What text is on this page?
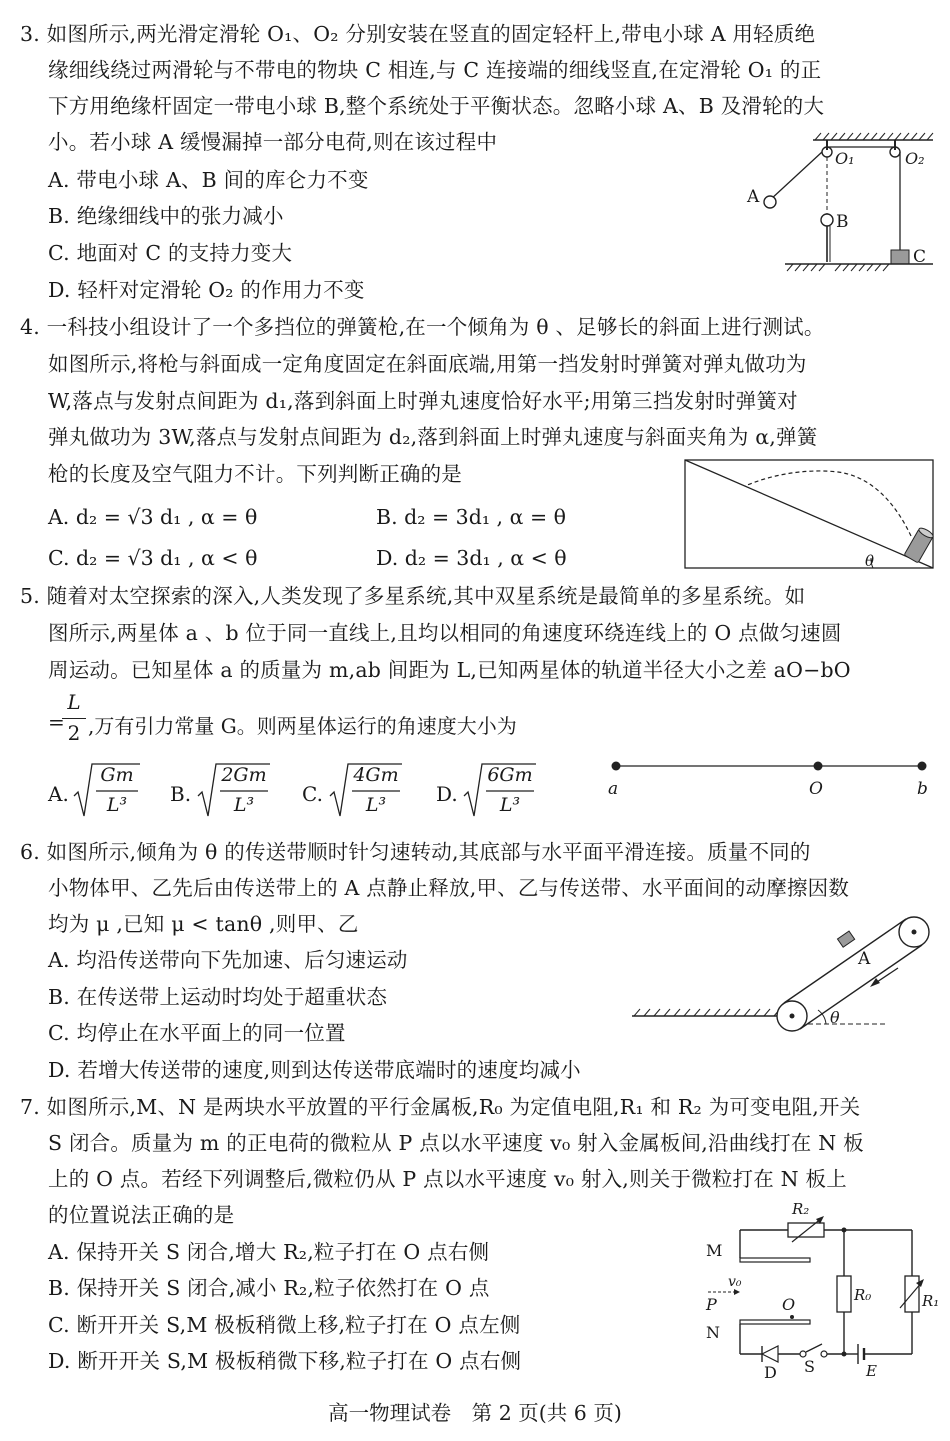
3. 如图所示,两光滑定滑轮 O₁、O₂ 分别安装在竖直的固定轻杆上,带电小球 A 用轻质绝
缘细线绕过两滑轮与不带电的物块 C 相连,与 C 连接端的细线竖直,在定滑轮 O₁ 的正
下方用绝缘杆固定一带电小球 B,整个系统处于平衡状态。忽略小球 A、B 及滑轮的大
小。若小球 A 缓慢漏掉一部分电荷,则在该过程中
A. 带电小球 A、B 间的库仑力不变
B. 绝缘细线中的张力减小
C. 地面对 C 的支持力变大
D. 轻杆对定滑轮 O₂ 的作用力不变
A
B
C
O₁	O₂
4. 一科技小组设计了一个多挡位的弹簧枪,在一个倾角为 θ 、足够长的斜面上进行测试。
如图所示,将枪与斜面成一定角度固定在斜面底端,用第一挡发射时弹簧对弹丸做功为
W,落点与发射点间距为 d₁,落到斜面上时弹丸速度恰好水平;用第三挡发射时弹簧对
弹丸做功为 3W,落点与发射点间距为 d₂,落到斜面上时弹丸速度与斜面夹角为 α,弹簧
枪的长度及空气阻力不计。下列判断正确的是
A. d₂ = √3 d₁ , α = θ	B. d₂ = 3d₁ , α = θ
C. d₂ = √3 d₁ , α < θ	D. d₂ = 3d₁ , α < θ	θ
5. 随着对太空探索的深入,人类发现了多星系统,其中双星系统是最简单的多星系统。如
图所示,两星体 a 、b 位于同一直线上,且均以相同的角速度环绕连线上的 O 点做匀速圆
周运动。已知星体 a 的质量为 m,ab 间距为 L,已知两星体的轨道半径大小之差 aO−bO
=
L
2 ,万有引力常量 G。则两星体运行的角速度大小为
A.
Gm
L³	B.
2Gm
L³	C.
4Gm
L³	D.
6Gm
L³
a	O	b
6. 如图所示,倾角为 θ 的传送带顺时针匀速转动,其底部与水平面平滑连接。质量不同的
小物体甲、乙先后由传送带上的 A 点静止释放,甲、乙与传送带、水平面间的动摩擦因数
均为 μ ,已知 μ < tanθ ,则甲、乙
A. 均沿传送带向下先加速、后匀速运动
B. 在传送带上运动时均处于超重状态
C. 均停止在水平面上的同一位置
D. 若增大传送带的速度,则到达传送带底端时的速度均减小
A
θ
7. 如图所示,M、N 是两块水平放置的平行金属板,R₀ 为定值电阻,R₁ 和 R₂ 为可变电阻,开关
S 闭合。质量为 m 的正电荷的微粒从 P 点以水平速度 v₀ 射入金属板间,沿曲线打在 N 板
上的 O 点。若经下列调整后,微粒仍从 P 点以水平速度 v₀ 射入,则关于微粒打在 N 板上
的位置说法正确的是
A. 保持开关 S 闭合,增大 R₂,粒子打在 O 点右侧
B. 保持开关 S 闭合,减小 R₂,粒子依然打在 O 点
C. 断开开关 S,M 极板稍微上移,粒子打在 O 点左侧
D. 断开开关 S,M 极板稍微下移,粒子打在 O 点右侧
M
N
P	O
v₀
R₂
R₀	R₁
D S	E
高一物理试卷　第 2 页(共 6 页)
